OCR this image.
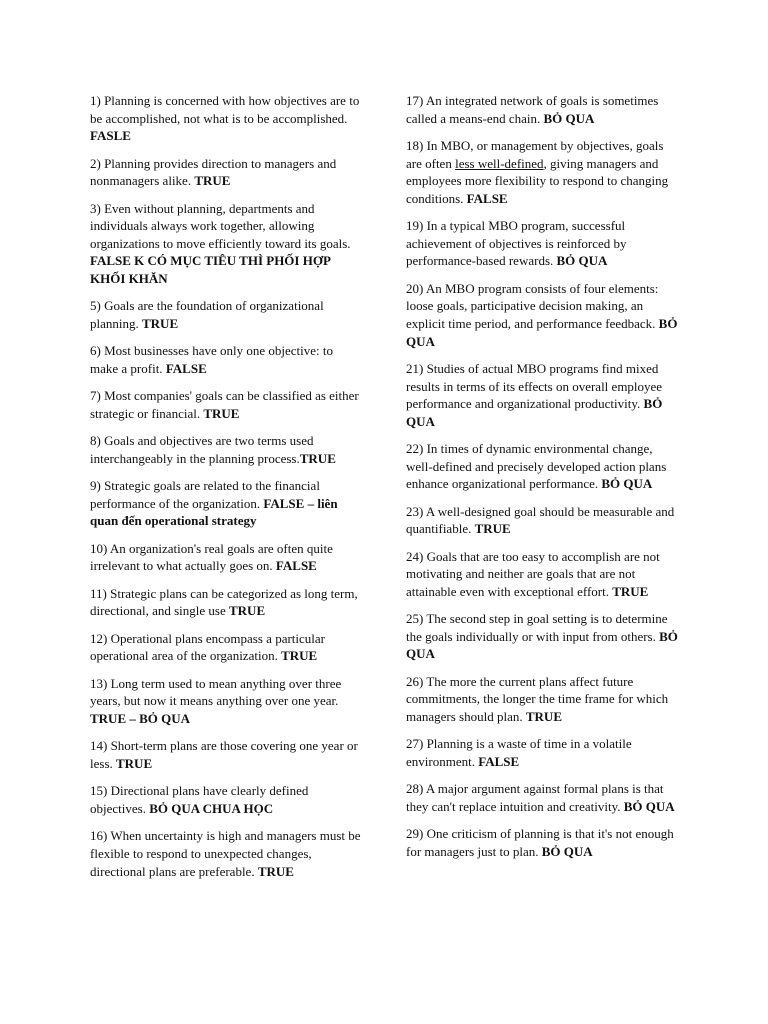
1) Planning is concerned with how objectives are to be accomplished, not what is to be accomplished. FASLE

2) Planning provides direction to managers and nonmanagers alike. TRUE

3) Even without planning, departments and individuals always work together, allowing organizations to move efficiently toward its goals. FALSE K CÓ MỤC TIÊU THÌ PHỐI HỢP KHỐI KHĂN

5) Goals are the foundation of organizational planning. TRUE

6) Most businesses have only one objective: to make a profit. FALSE

7) Most companies' goals can be classified as either strategic or financial. TRUE

8) Goals and objectives are two terms used interchangeably in the planning process.TRUE

9) Strategic goals are related to the financial performance of the organization. FALSE – liên quan đến operational strategy

10) An organization's real goals are often quite irrelevant to what actually goes on. FALSE

11) Strategic plans can be categorized as long term, directional, and single use TRUE

12) Operational plans encompass a particular operational area of the organization. TRUE

13) Long term used to mean anything over three years, but now it means anything over one year. TRUE – BỎ QUA

14) Short-term plans are those covering one year or less. TRUE

15) Directional plans have clearly defined objectives. BỎ QUA CHUA HỌC

16) When uncertainty is high and managers must be flexible to respond to unexpected changes, directional plans are preferable. TRUE

17) An integrated network of goals is sometimes called a means-end chain. BỎ QUA

18) In MBO, or management by objectives, goals are often less well-defined, giving managers and employees more flexibility to respond to changing conditions. FALSE

19) In a typical MBO program, successful achievement of objectives is reinforced by performance-based rewards. BỎ QUA

20) An MBO program consists of four elements: loose goals, participative decision making, an explicit time period, and performance feedback. BỎ QUA

21) Studies of actual MBO programs find mixed results in terms of its effects on overall employee performance and organizational productivity. BỎ QUA

22) In times of dynamic environmental change, well-defined and precisely developed action plans enhance organizational performance. BỎ QUA

23) A well-designed goal should be measurable and quantifiable. TRUE

24) Goals that are too easy to accomplish are not motivating and neither are goals that are not attainable even with exceptional effort. TRUE

25) The second step in goal setting is to determine the goals individually or with input from others. BỎ QUA

26) The more the current plans affect future commitments, the longer the time frame for which managers should plan. TRUE

27) Planning is a waste of time in a volatile environment. FALSE

28) A major argument against formal plans is that they can't replace intuition and creativity. BỎ QUA

29) One criticism of planning is that it's not enough for managers just to plan. BỎ QUA
